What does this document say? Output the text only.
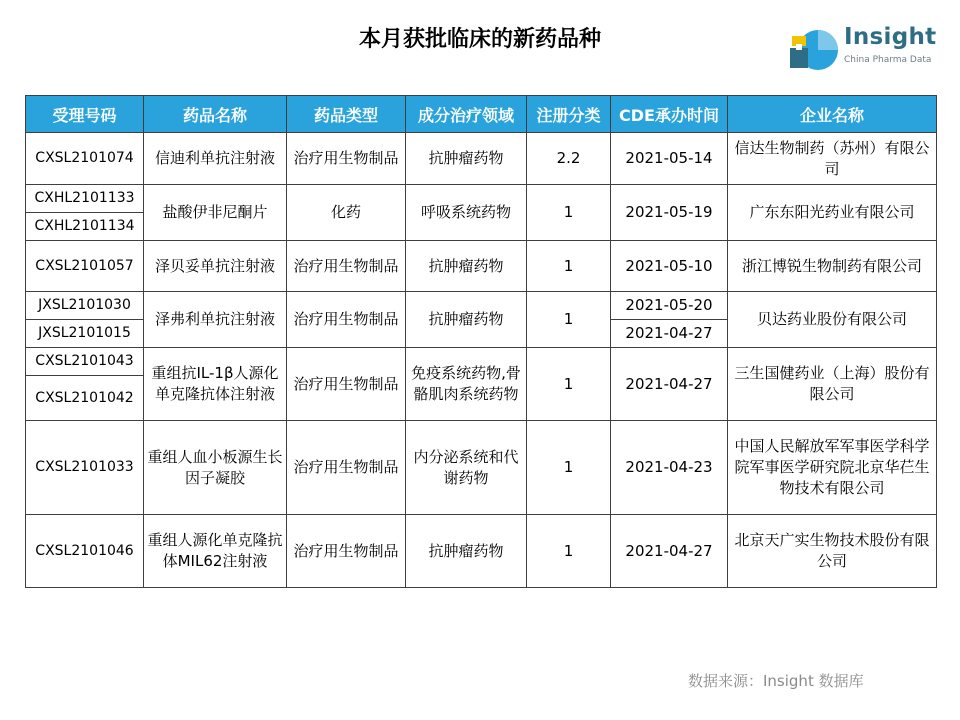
本月获批临床的新药品种	Insight
China Pharma Data
受理号码	药品名称	药品类型	成分治疗领域	注册分类	CDE承办时间	企业名称
CXSL2101074	信迪利单抗注射液	治疗用生物制品	抗肿瘤药物	2.2	2021-05-14	信达生物制药（苏州）有限公司
CXHL2101133	盐酸伊非尼酮片	化药	呼吸系统药物	1	2021-05-19	广东东阳光药业有限公司
CXHL2101134						
CXSL2101057	泽贝妥单抗注射液	治疗用生物制品	抗肿瘤药物	1	2021-05-10	浙江博锐生物制药有限公司
JXSL2101030	泽弗利单抗注射液	治疗用生物制品	抗肿瘤药物	1	2021-05-20	贝达药业股份有限公司
JXSL2101015					2021-04-27	
CXSL2101043	重组抗IL-1β人源化单克隆抗体注射液	治疗用生物制品	免疫系统药物,骨骼肌肉系统药物	1	2021-04-27	三生国健药业（上海）股份有限公司
CXSL2101042						
CXSL2101033	重组人血小板源生长因子凝胶	治疗用生物制品	内分泌系统和代谢药物	1	2021-04-23	中国人民解放军军事医学科学院军事医学研究院北京华芢生物技术有限公司
CXSL2101046	重组人源化单克隆抗体MIL62注射液	治疗用生物制品	抗肿瘤药物	1	2021-04-27	北京天广实生物技术股份有限公司
数据来源：Insight 数据库
